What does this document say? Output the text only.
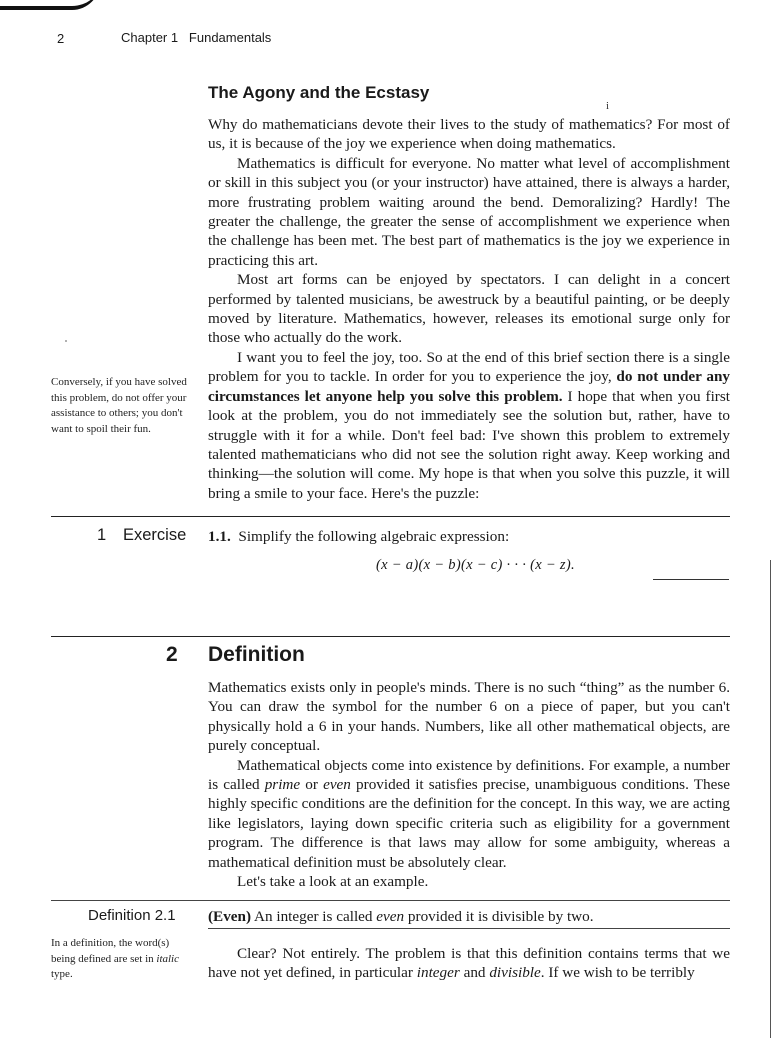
2	Chapter 1   Fundamentals
The Agony and the Ecstasy
i

Why do mathematicians devote their lives to the study of mathematics? For most of us, it is because of the joy we experience when doing mathematics.

Mathematics is difficult for everyone. No matter what level of accomplishment or skill in this subject you (or your instructor) have attained, there is always a harder, more frustrating problem waiting around the bend. Demoralizing? Hardly! The greater the challenge, the greater the sense of accomplishment we experience when the challenge has been met. The best part of mathematics is the joy we experience in practicing this art.

Most art forms can be enjoyed by spectators. I can delight in a concert performed by talented musicians, be awestruck by a beautiful painting, or be deeply moved by literature. Mathematics, however, releases its emotional surge only for those who actually do the work.

I want you to feel the joy, too. So at the end of this brief section there is a single problem for you to tackle. In order for you to experience the joy, do not under any circumstances let anyone help you solve this problem. I hope that when you first look at the problem, you do not immediately see the solution but, rather, have to struggle with it for a while. Don't feel bad: I've shown this problem to extremely talented mathematicians who did not see the solution right away. Keep working and thinking—the solution will come. My hope is that when you solve this puzzle, it will bring a smile to your face. Here's the puzzle:

Conversely, if you have solved this problem, do not offer your assistance to others; you don't want to spoil their fun.
1 Exercise 1.1. Simplify the following algebraic expression:
(x − a)(x − b)(x − c) · · · (x − z).
2 Definition

Mathematics exists only in people's minds. There is no such “thing” as the number 6. You can draw the symbol for the number 6 on a piece of paper, but you can't physically hold a 6 in your hands. Numbers, like all other mathematical objects, are purely conceptual.

Mathematical objects come into existence by definitions. For example, a number is called prime or even provided it satisfies precise, unambiguous conditions. These highly specific conditions are the definition for the concept. In this way, we are acting like legislators, laying down specific criteria such as eligibility for a government program. The difference is that laws may allow for some ambiguity, whereas a mathematical definition must be absolutely clear.

Let's take a look at an example.

Definition 2.1 (Even) An integer is called even provided it is divisible by two.
In a definition, the word(s) being defined are set in italic type.

Clear? Not entirely. The problem is that this definition contains terms that we have not yet defined, in particular integer and divisible. If we wish to be terribly
